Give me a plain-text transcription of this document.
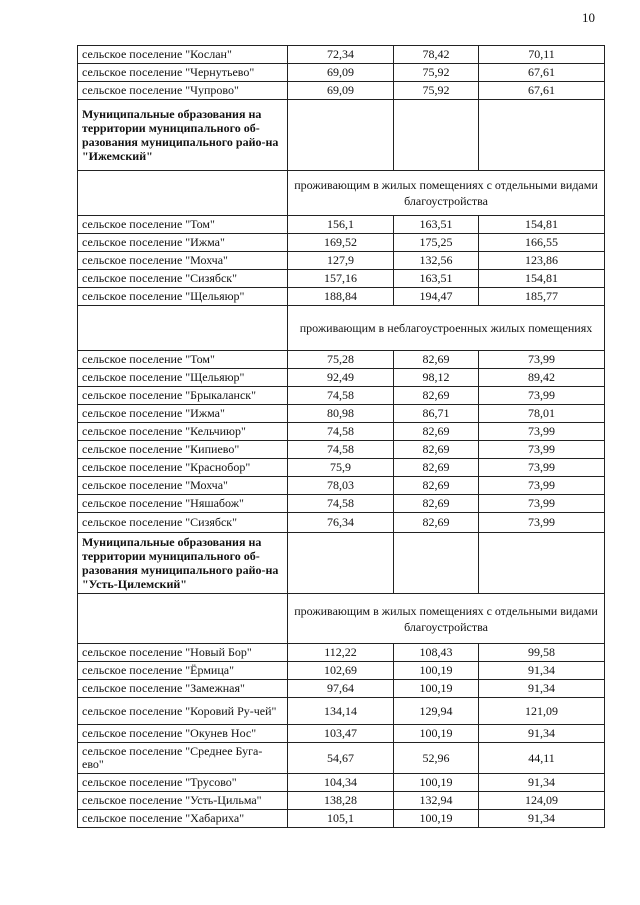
10
сельское поселение "Кослан"	72,34	78,42	70,11
сельское поселение "Чернутьево"	69,09	75,92	67,61
сельское поселение "Чупрово"	69,09	75,92	67,61
Муниципальные образования на территории муниципального об-разования муниципального райо-на "Ижемский"			
	проживающим в жилых помещениях с отдельными видами благоустройства		
сельское поселение "Том"	156,1	163,51	154,81
сельское поселение "Ижма"	169,52	175,25	166,55
сельское поселение "Мохча"	127,9	132,56	123,86
сельское поселение "Сизябск"	157,16	163,51	154,81
сельское поселение "Щельяюр"	188,84	194,47	185,77
	проживающим в неблагоустроенных жилых помещениях		
сельское поселение "Том"	75,28	82,69	73,99
сельское поселение "Щельяюр"	92,49	98,12	89,42
сельское поселение "Брыкаланск"	74,58	82,69	73,99
сельское поселение "Ижма"	80,98	86,71	78,01
сельское поселение "Кельчиюр"	74,58	82,69	73,99
сельское поселение "Кипиево"	74,58	82,69	73,99
сельское поселение "Краснобор"	75,9	82,69	73,99
сельское поселение "Мохча"	78,03	82,69	73,99
сельское поселение "Няшабож"	74,58	82,69	73,99
сельское поселение "Сизябск"	76,34	82,69	73,99
Муниципальные образования на территории муниципального об-разования муниципального райо-на "Усть-Цилемский"			
	проживающим в жилых помещениях с отдельными видами благоустройства		
сельское поселение "Новый Бор"	112,22	108,43	99,58
сельское поселение "Ёрмица"	102,69	100,19	91,34
сельское поселение "Замежная"	97,64	100,19	91,34
сельское поселение "Коровий Ру-чей"	134,14	129,94	121,09
сельское поселение "Окунев Нос"	103,47	100,19	91,34
сельское поселение "Среднее Буга-ево"	54,67	52,96	44,11
сельское поселение "Трусово"	104,34	100,19	91,34
сельское поселение "Усть-Цильма"	138,28	132,94	124,09
сельское поселение "Хабариха"	105,1	100,19	91,34
